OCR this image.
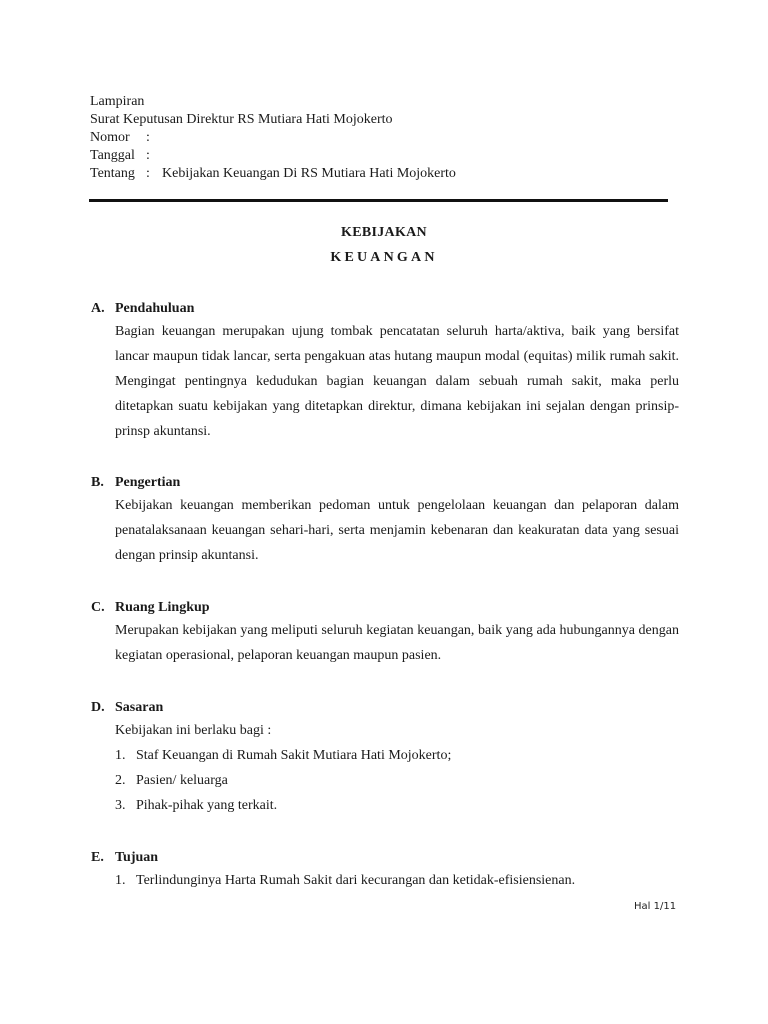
Lampiran
Surat Keputusan Direktur RS Mutiara Hati Mojokerto
Nomor :
Tanggal :
Tentang : Kebijakan Keuangan Di RS Mutiara Hati Mojokerto
KEBIJAKAN
KEUANGAN
A. Pendahuluan
Bagian keuangan merupakan ujung tombak pencatatan seluruh harta/aktiva, baik yang bersifat lancar maupun tidak lancar, serta pengakuan atas hutang maupun modal (equitas) milik rumah sakit. Mengingat pentingnya kedudukan bagian keuangan dalam sebuah rumah sakit, maka perlu ditetapkan suatu kebijakan yang ditetapkan direktur, dimana kebijakan ini sejalan dengan prinsip-prinsp akuntansi.
B. Pengertian
Kebijakan keuangan memberikan pedoman untuk pengelolaan keuangan dan pelaporan dalam penatalaksanaan keuangan sehari-hari, serta menjamin kebenaran dan keakuratan data yang sesuai dengan prinsip akuntansi.
C. Ruang Lingkup
Merupakan kebijakan yang meliputi seluruh kegiatan keuangan, baik yang ada hubungannya dengan kegiatan operasional, pelaporan keuangan maupun pasien.
D. Sasaran
Kebijakan ini berlaku bagi :
1. Staf Keuangan di Rumah Sakit Mutiara Hati Mojokerto;
2. Pasien/ keluarga
3. Pihak-pihak yang terkait.
E. Tujuan
1. Terlindunginya Harta Rumah Sakit dari kecurangan dan ketidak-efisiensienan.
Hal 1/11
